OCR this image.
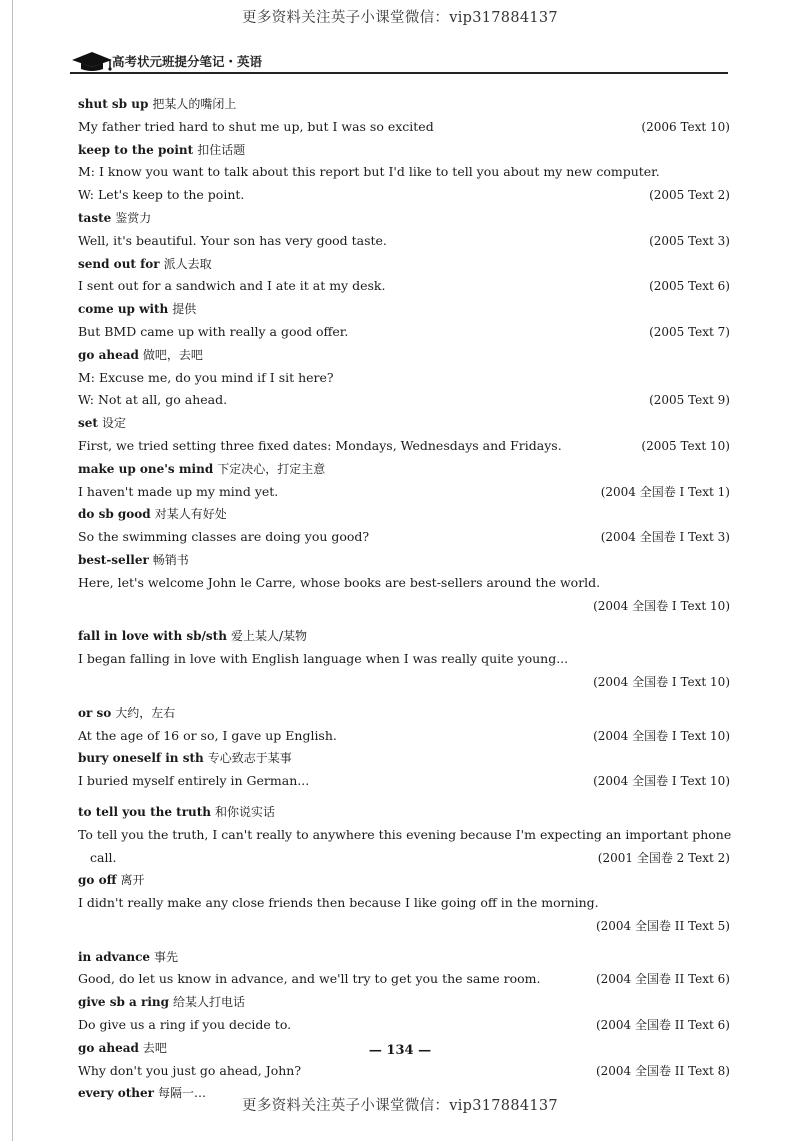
更多资料关注英子小课堂微信：vip317884137
高考状元班提分笔记・英语
shut sb up 把某人的嘴闭上
My father tried hard to shut me up, but I was so excited	(2006 Text 10)
keep to the point 扣住话题
M: I know you want to talk about this report but I'd like to tell you about my new computer.
W: Let's keep to the point.	(2005 Text 2)
taste 鉴赏力
Well, it's beautiful. Your son has very good taste.	(2005 Text 3)
send out for 派人去取
I sent out for a sandwich and I ate it at my desk.	(2005 Text 6)
come up with 提供
But BMD came up with really a good offer.	(2005 Text 7)
go ahead 做吧，去吧
M: Excuse me, do you mind if I sit here?
W: Not at all, go ahead.	(2005 Text 9)
set 设定
First, we tried setting three fixed dates: Mondays, Wednesdays and Fridays.	(2005 Text 10)
make up one's mind 下定决心，打定主意
I haven't made up my mind yet.	(2004 全国卷 I Text 1)
do sb good 对某人有好处
So the swimming classes are doing you good?	(2004 全国卷 I Text 3)
best-seller 畅销书
Here, let's welcome John le Carre, whose books are best-sellers around the world.
(2004 全国卷 I Text 10)
fall in love with sb/sth 爱上某人/某物
I began falling in love with English language when I was really quite young...
(2004 全国卷 I Text 10)
or so 大约，左右
At the age of 16 or so, I gave up English.	(2004 全国卷 I Text 10)
bury oneself in sth 专心致志于某事
I buried myself entirely in German...	(2004 全国卷 I Text 10)
to tell you the truth 和你说实话
To tell you the truth, I can't really to anywhere this evening because I'm expecting an important phone
call.	(2001 全国卷 2 Text 2)
go off 离开
I didn't really make any close friends then because I like going off in the morning.
(2004 全国卷 II Text 5)
in advance 事先
Good, do let us know in advance, and we'll try to get you the same room.	(2004 全国卷 II Text 6)
give sb a ring 给某人打电话
Do give us a ring if you decide to.	(2004 全国卷 II Text 6)
go ahead 去吧
Why don't you just go ahead, John?	(2004 全国卷 II Text 8)
every other 每隔一…
— 134 —
更多资料关注英子小课堂微信：vip317884137
